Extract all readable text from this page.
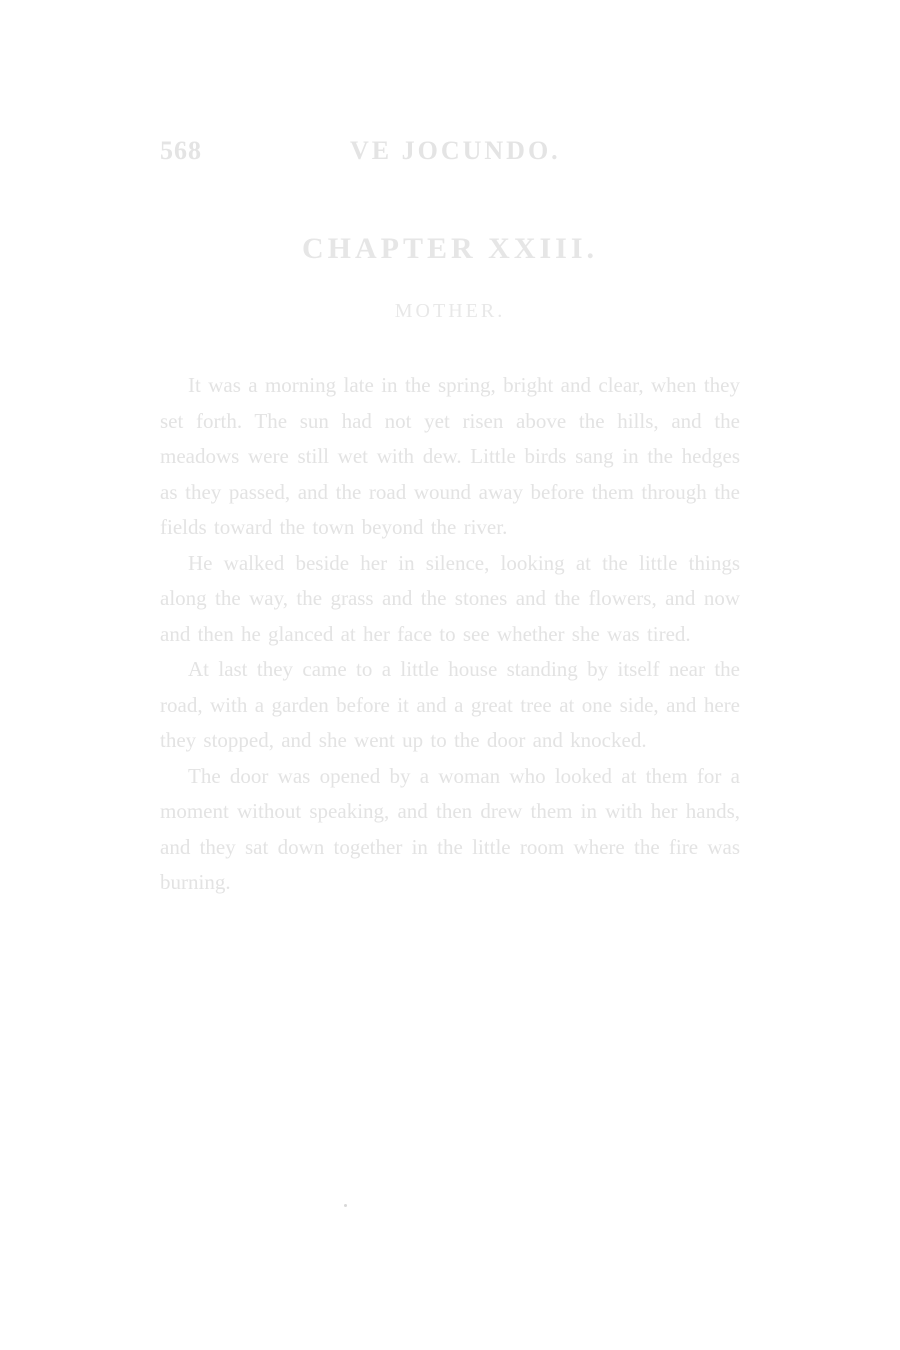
568	VE JOCUNDO.
CHAPTER XXIII.
MOTHER.

It was a morning late in the spring, bright and clear, when they set forth. The sun had not yet risen above the hills, and the meadows were still wet with dew. Little birds sang in the hedges as they passed, and the road wound away before them through the fields toward the town beyond the river.

He walked beside her in silence, looking at the little things along the way, the grass and the stones and the flowers, and now and then he glanced at her face to see whether she was tired.

At last they came to a little house standing by itself near the road, with a garden before it and a great tree at one side, and here they stopped, and she went up to the door and knocked.

The door was opened by a woman who looked at them for a moment without speaking, and then drew them in with her hands, and they sat down together in the little room where the fire was burning.
